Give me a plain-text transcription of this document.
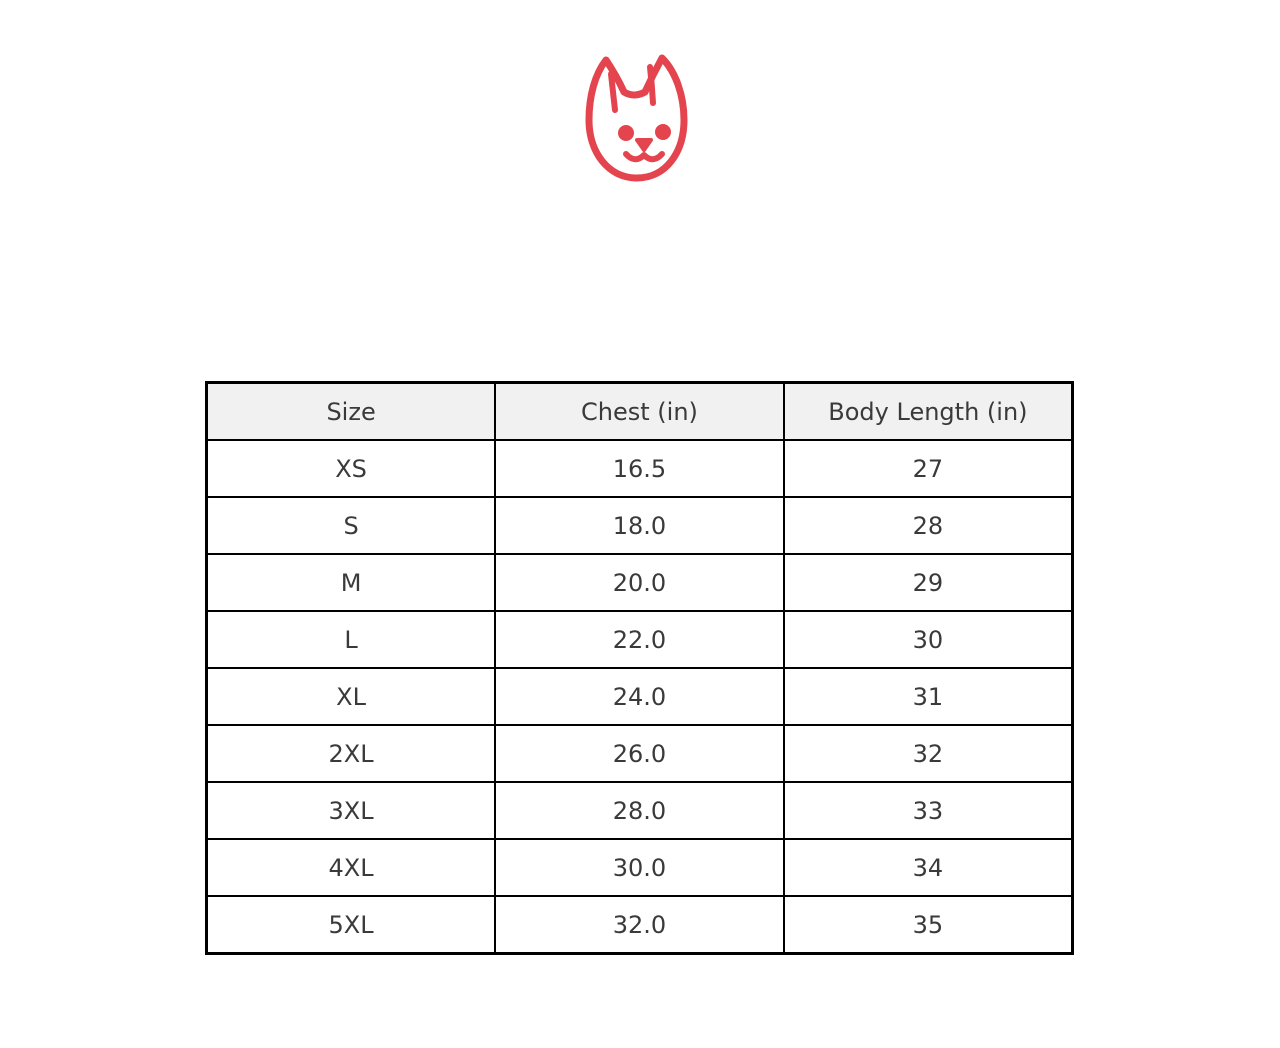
Size	Chest (in)	Body Length (in)
XS	16.5	27
S	18.0	28
M	20.0	29
L	22.0	30
XL	24.0	31
2XL	26.0	32
3XL	28.0	33
4XL	30.0	34
5XL	32.0	35
